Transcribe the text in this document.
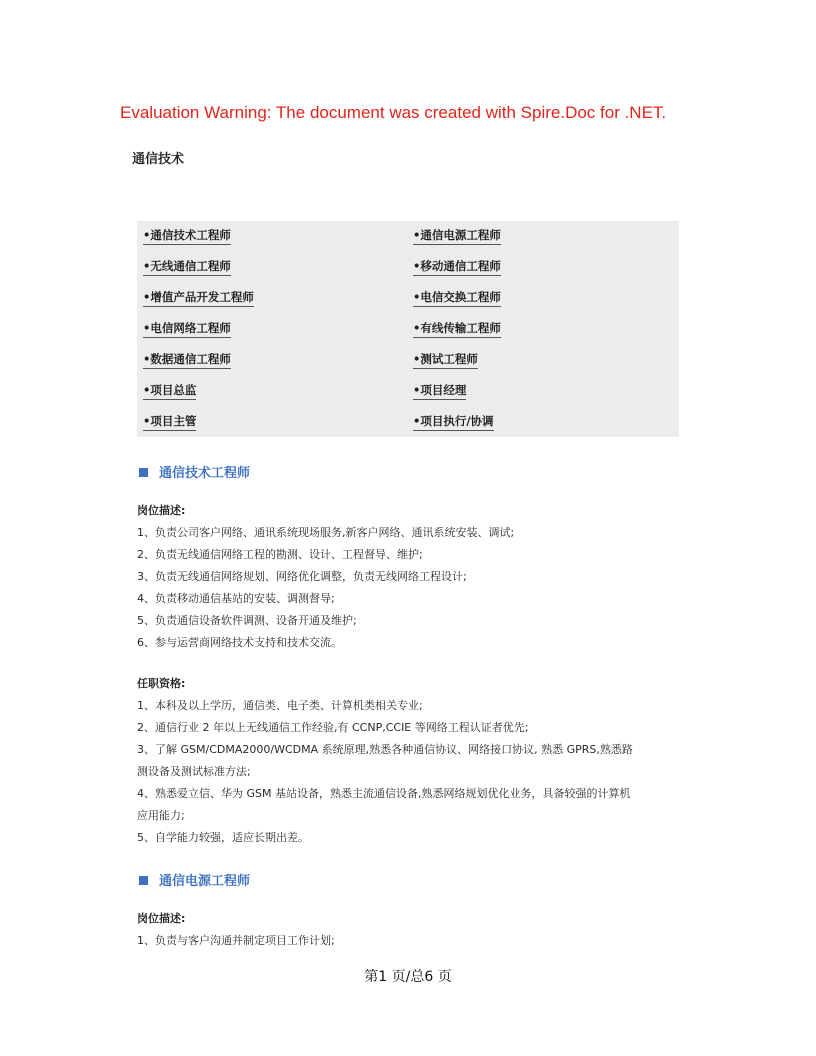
Evaluation Warning: The document was created with Spire.Doc for .NET.
通信技术
•通信技术工程师	•通信电源工程师
•无线通信工程师	•移动通信工程师
•增值产品开发工程师	•电信交换工程师
•电信网络工程师	•有线传输工程师
•数据通信工程师	•测试工程师
•项目总监	•项目经理
•项目主管	•项目执行/协调
通信技术工程师
岗位描述:
1、负责公司客户网络、通讯系统现场服务,新客户网络、通讯系统安装、调试;
2、负责无线通信网络工程的勘测、设计、工程督导、维护;
3、负责无线通信网络规划、网络优化调整，负责无线网络工程设计;
4、负责移动通信基站的安装、调测督导;
5、负责通信设备软件调测、设备开通及维护;
6、参与运营商网络技术支持和技术交流。
任职资格:
1、本科及以上学历，通信类、电子类、计算机类相关专业;
2、通信行业 2 年以上无线通信工作经验,有 CCNP,CCIE 等网络工程认证者优先;
3、了解 GSM/CDMA2000/WCDMA 系统原理,熟悉各种通信协议、网络接口协议, 熟悉 GPRS,熟悉路
测设备及测试标准方法;
4、熟悉爱立信、华为 GSM 基站设备，熟悉主流通信设备,熟悉网络规划优化业务，具备较强的计算机
应用能力;
5、自学能力较强，适应长期出差。
通信电源工程师
岗位描述:
1、负责与客户沟通并制定项目工作计划;
第1 页/总6 页
